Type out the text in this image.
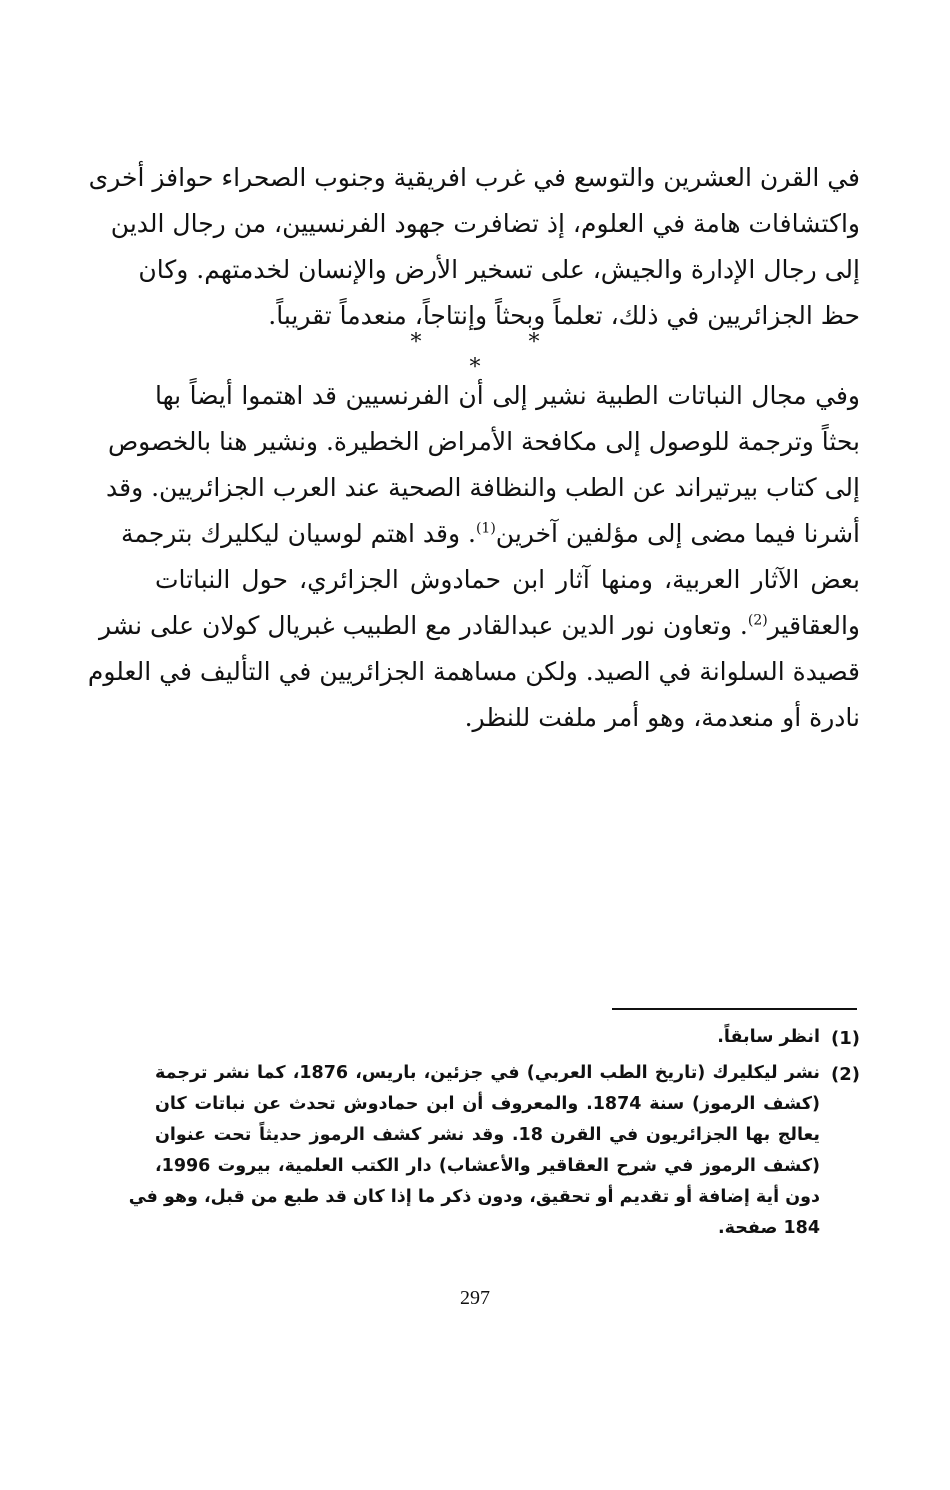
في القرن العشرين والتوسع في غرب افريقية وجنوب الصحراء حوافز أخرى
واكتشافات هامة في العلوم، إذ تضافرت جهود الفرنسيين، من رجال الدين
إلى رجال الإدارة والجيش، على تسخير الأرض والإنسان لخدمتهم. وكان
حظ الجزائريين في ذلك، تعلماً وبحثاً وإنتاجاً، منعدماً تقريباً.
* * *
وفي مجال النباتات الطبية نشير إلى أن الفرنسيين قد اهتموا أيضاً بها
بحثاً وترجمة للوصول إلى مكافحة الأمراض الخطيرة. ونشير هنا بالخصوص
إلى كتاب بيرتيراند عن الطب والنظافة الصحية عند العرب الجزائريين. وقد
أشرنا فيما مضى إلى مؤلفين آخرين$^{(1)}$. وقد اهتم لوسيان ليكليرك بترجمة
بعض الآثار العربية، ومنها آثار ابن حمادوش الجزائري، حول النباتات
والعقاقير$^{(2)}$. وتعاون نور الدين عبدالقادر مع الطبيب غبريال كولان على نشر
قصيدة السلوانة في الصيد. ولكن مساهمة الجزائريين في التأليف في العلوم
نادرة أو منعدمة، وهو أمر ملفت للنظر.
(1)
انظر سابقاً.
(2)
نشر ليكليرك (تاريخ الطب العربي) في جزئين، باريس، 1876، كما نشر ترجمة
(كشف الرموز) سنة 1874. والمعروف أن ابن حمادوش تحدث عن نباتات كان
يعالج بها الجزائريون في القرن 18. وقد نشر كشف الرموز حديثاً تحت عنوان
(كشف الرموز في شرح العقاقير والأعشاب) دار الكتب العلمية، بيروت 1996،
دون أية إضافة أو تقديم أو تحقيق، ودون ذكر ما إذا كان قد طبع من قبل، وهو في
184 صفحة.
297
